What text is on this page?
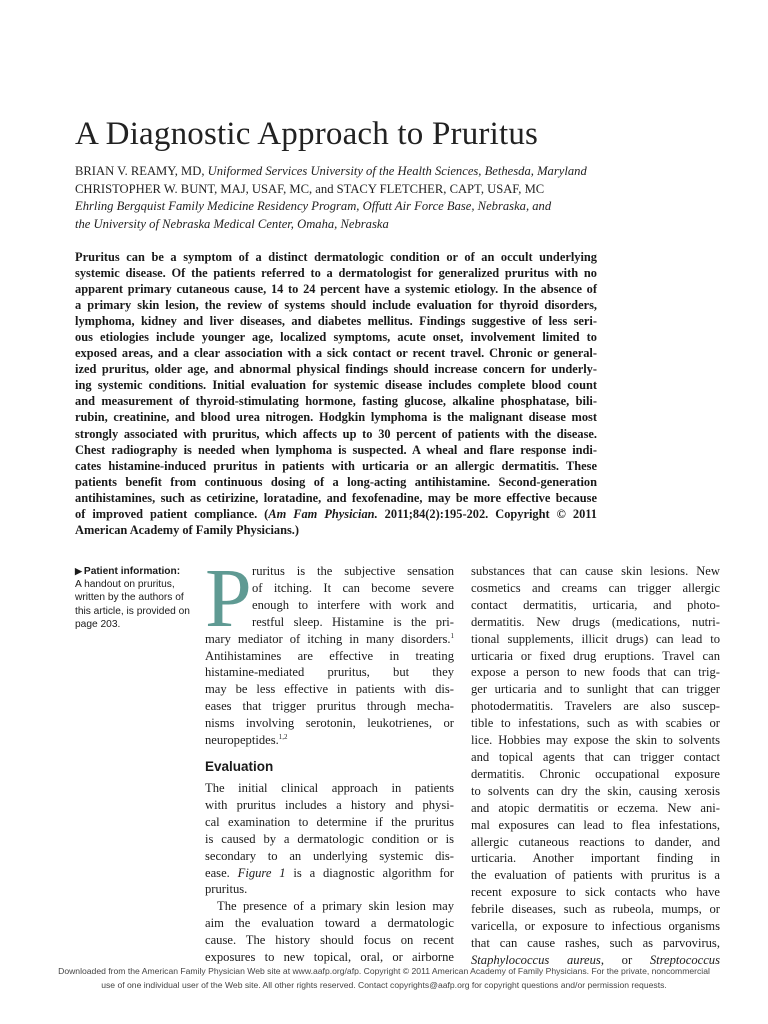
A Diagnostic Approach to Pruritus
BRIAN V. REAMY, MD, Uniformed Services University of the Health Sciences, Bethesda, Maryland
CHRISTOPHER W. BUNT, MAJ, USAF, MC, and STACY FLETCHER, CAPT, USAF, MC
Ehrling Bergquist Family Medicine Residency Program, Offutt Air Force Base, Nebraska, and
the University of Nebraska Medical Center, Omaha, Nebraska
Pruritus can be a symptom of a distinct dermatologic condition or of an occult underlying
systemic disease. Of the patients referred to a dermatologist for generalized pruritus with no
apparent primary cutaneous cause, 14 to 24 percent have a systemic etiology. In the absence of
a primary skin lesion, the review of systems should include evaluation for thyroid disorders,
lymphoma, kidney and liver diseases, and diabetes mellitus. Findings suggestive of less seri-
ous etiologies include younger age, localized symptoms, acute onset, involvement limited to
exposed areas, and a clear association with a sick contact or recent travel. Chronic or general-
ized pruritus, older age, and abnormal physical findings should increase concern for underly-
ing systemic conditions. Initial evaluation for systemic disease includes complete blood count
and measurement of thyroid-stimulating hormone, fasting glucose, alkaline phosphatase, bili-
rubin, creatinine, and blood urea nitrogen. Hodgkin lymphoma is the malignant disease most
strongly associated with pruritus, which affects up to 30 percent of patients with the disease.
Chest radiography is needed when lymphoma is suspected. A wheal and flare response indi-
cates histamine-induced pruritus in patients with urticaria or an allergic dermatitis. These
patients benefit from continuous dosing of a long-acting antihistamine. Second-generation
antihistamines, such as cetirizine, loratadine, and fexofenadine, may be more effective because
of improved patient compliance. (Am Fam Physician. 2011;84(2):195-202. Copyright © 2011
American Academy of Family Physicians.)
▶ Patient information:
A handout on pruritus,
written by the authors of
this article, is provided on
page 203.	P ruritus is the subjective sensation
of itching. It can become severe
enough to interfere with work and
restful sleep. Histamine is the pri-
mary mediator of itching in many disorders.$^1$
Antihistamines are effective in treating
histamine-mediated pruritus, but they
may be less effective in patients with dis-
eases that trigger pruritus through mecha-
nisms involving serotonin, leukotrienes, or
neuropeptides.$^{1,2}$
Evaluation
The initial clinical approach in patients
with pruritus includes a history and physi-
cal examination to determine if the pruritus
is caused by a dermatologic condition or is
secondary to an underlying systemic dis-
ease. Figure 1 is a diagnostic algorithm for
pruritus.
The presence of a primary skin lesion may
aim the evaluation toward a dermatologic
cause. The history should focus on recent
exposures to new topical, oral, or airborne
substances that can cause skin lesions. New
cosmetics and creams can trigger allergic
contact dermatitis, urticaria, and photo-
dermatitis. New drugs (medications, nutri-
tional supplements, illicit drugs) can lead to
urticaria or fixed drug eruptions. Travel can
expose a person to new foods that can trig-
ger urticaria and to sunlight that can trigger
photodermatitis. Travelers are also suscep-
tible to infestations, such as with scabies or
lice. Hobbies may expose the skin to solvents
and topical agents that can trigger contact
dermatitis. Chronic occupational exposure
to solvents can dry the skin, causing xerosis
and atopic dermatitis or eczema. New ani-
mal exposures can lead to flea infestations,
allergic cutaneous reactions to dander, and
urticaria. Another important finding in
the evaluation of patients with pruritus is a
recent exposure to sick contacts who have
febrile diseases, such as rubeola, mumps, or
varicella, or exposure to infectious organisms
that can cause rashes, such as parvovirus,
Staphylococcus aureus, or Streptococcus
Downloaded from the American Family Physician Web site at www.aafp.org/afp. Copyright © 2011 American Academy of Family Physicians. For the private, noncommercial
use of one individual user of the Web site. All other rights reserved. Contact copyrights@aafp.org for copyright questions and/or permission requests.
